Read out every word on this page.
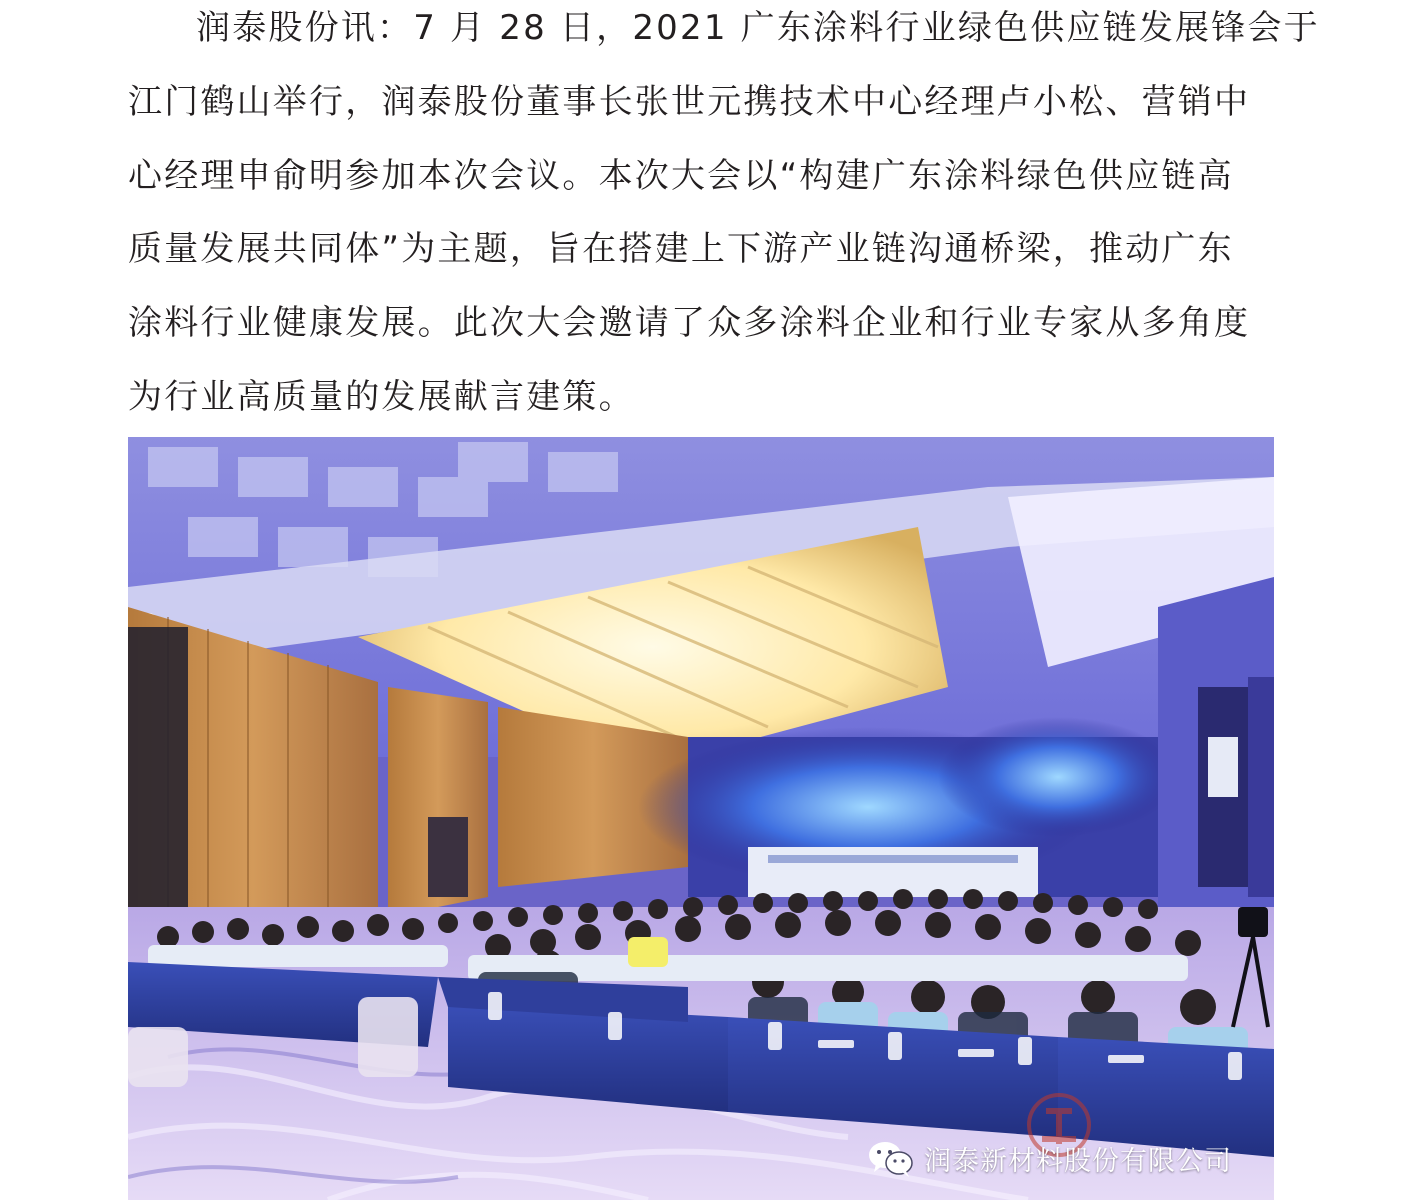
润泰股份讯：7 月 28 日，2021 广东涂料行业绿色供应链发展锋会于
江门鹤山举行，润泰股份董事长张世元携技术中心经理卢小松、营销中
心经理申俞明参加本次会议。本次大会以“构建广东涂料绿色供应链高
质量发展共同体”为主题，旨在搭建上下游产业链沟通桥梁，推动广东
涂料行业健康发展。此次大会邀请了众多涂料企业和行业专家从多角度
为行业高质量的发展献言建策。
润泰新材料股份有限公司
